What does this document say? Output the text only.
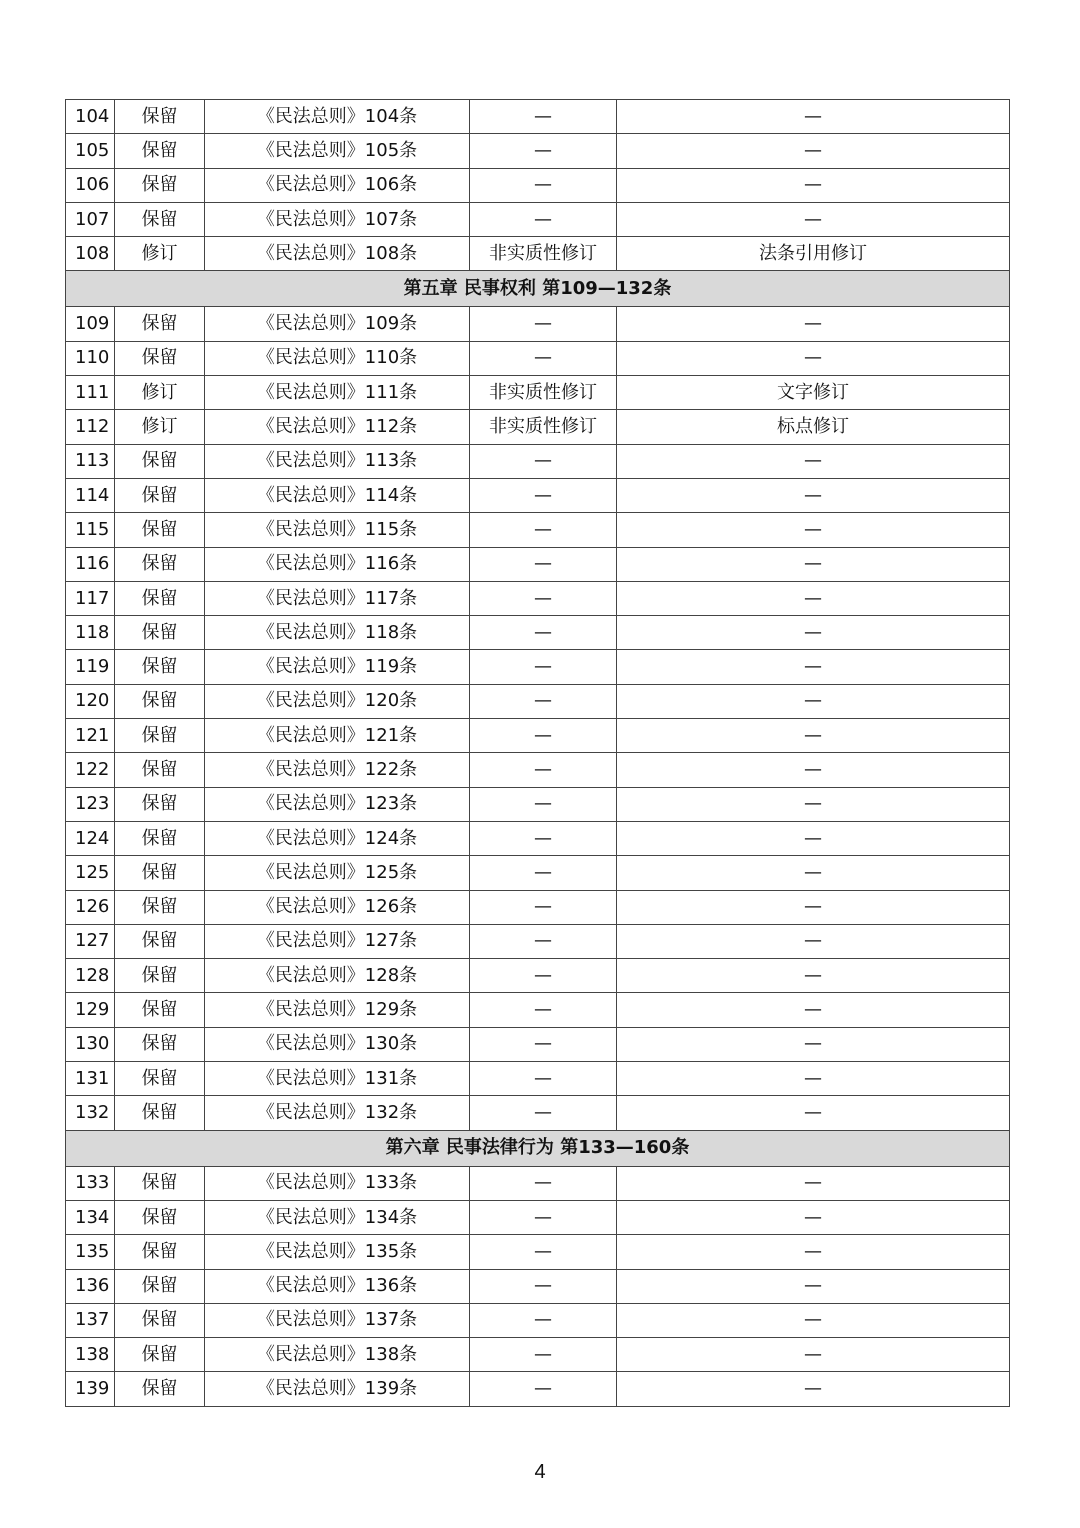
104	保留	《民法总则》104条	—	—
105	保留	《民法总则》105条	—	—
106	保留	《民法总则》106条	—	—
107	保留	《民法总则》107条	—	—
108	修订	《民法总则》108条	非实质性修订	法条引用修订
第五章 民事权利 第109—132条				
109	保留	《民法总则》109条	—	—
110	保留	《民法总则》110条	—	—
111	修订	《民法总则》111条	非实质性修订	文字修订
112	修订	《民法总则》112条	非实质性修订	标点修订
113	保留	《民法总则》113条	—	—
114	保留	《民法总则》114条	—	—
115	保留	《民法总则》115条	—	—
116	保留	《民法总则》116条	—	—
117	保留	《民法总则》117条	—	—
118	保留	《民法总则》118条	—	—
119	保留	《民法总则》119条	—	—
120	保留	《民法总则》120条	—	—
121	保留	《民法总则》121条	—	—
122	保留	《民法总则》122条	—	—
123	保留	《民法总则》123条	—	—
124	保留	《民法总则》124条	—	—
125	保留	《民法总则》125条	—	—
126	保留	《民法总则》126条	—	—
127	保留	《民法总则》127条	—	—
128	保留	《民法总则》128条	—	—
129	保留	《民法总则》129条	—	—
130	保留	《民法总则》130条	—	—
131	保留	《民法总则》131条	—	—
132	保留	《民法总则》132条	—	—
第六章 民事法律行为 第133—160条				
133	保留	《民法总则》133条	—	—
134	保留	《民法总则》134条	—	—
135	保留	《民法总则》135条	—	—
136	保留	《民法总则》136条	—	—
137	保留	《民法总则》137条	—	—
138	保留	《民法总则》138条	—	—
139	保留	《民法总则》139条	—	—
4
